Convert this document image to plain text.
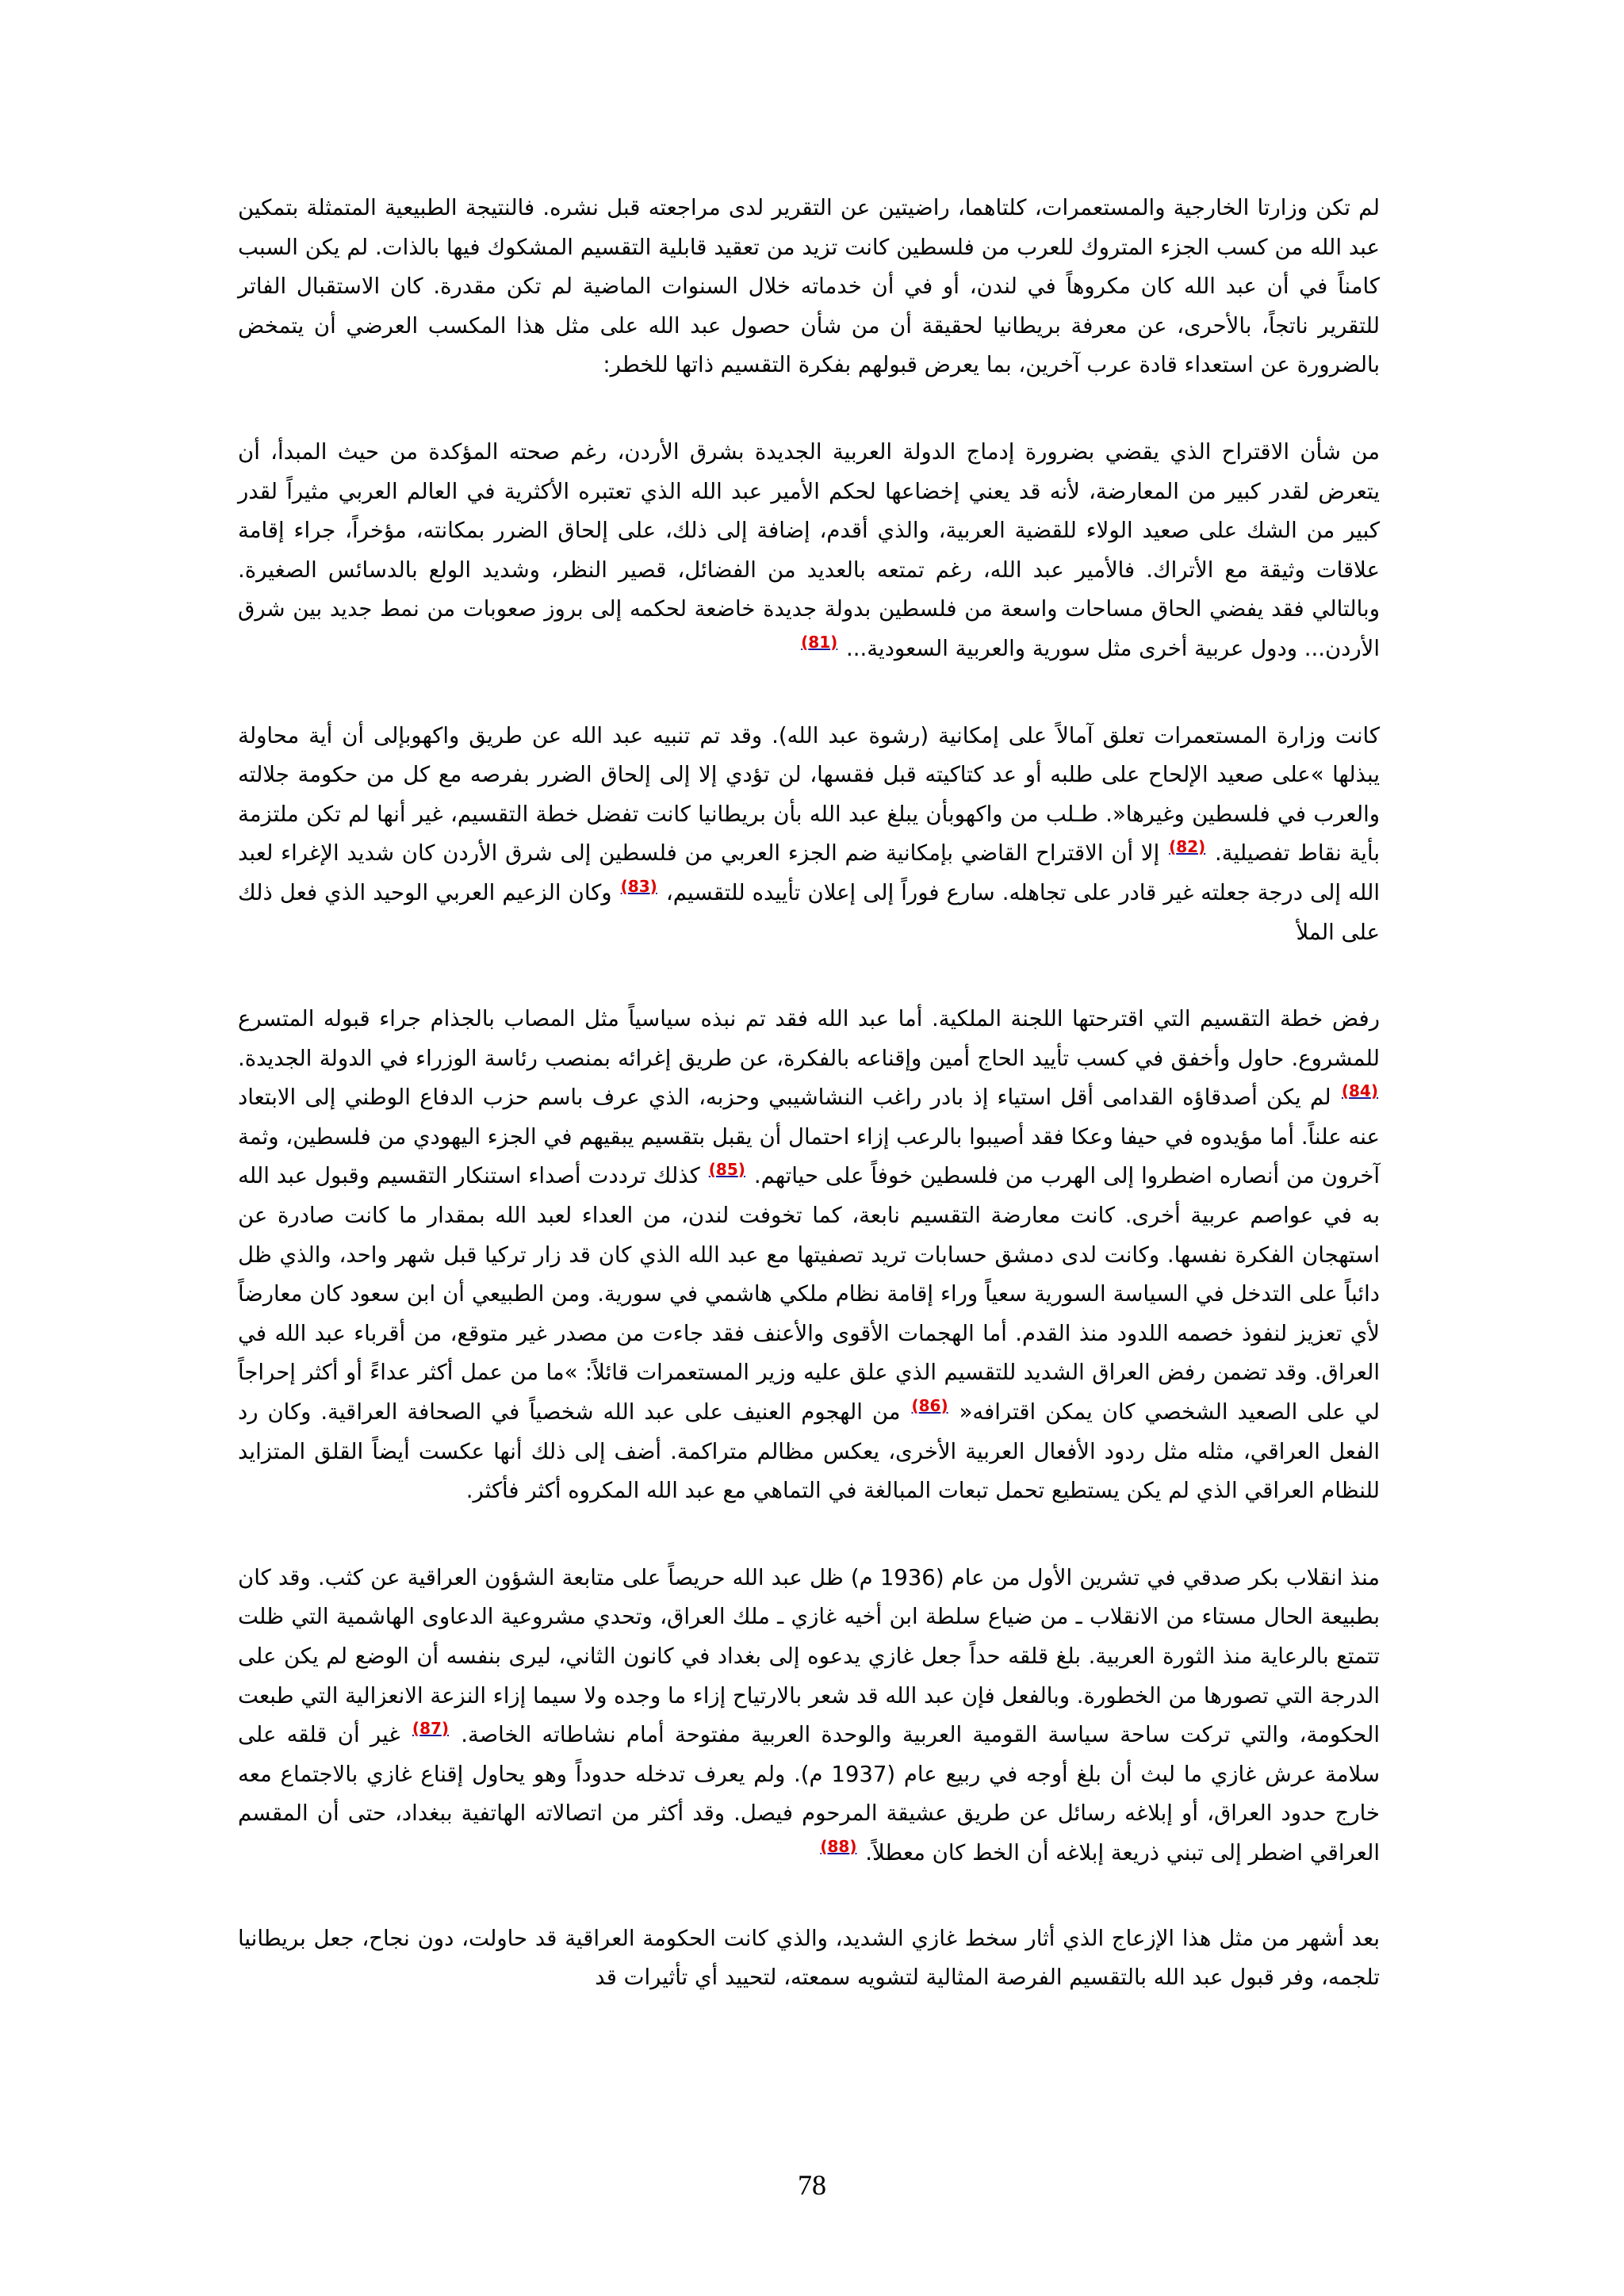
لم تكن وزارتا الخارجية والمستعمرات، كلتاهما، راضيتين عن التقرير لدى مراجعته قبل نشره. فالنتيجة الطبيعية المتمثلة بتمكين عبد الله من كسب الجزء المتروك للعرب من فلسطين كانت تزيد من تعقيد قابلية التقسيم المشكوك فيها بالذات. لم يكن السبب كامناً في أن عبد الله كان مكروهاً في لندن، أو في أن خدماته خلال السنوات الماضية لم تكن مقدرة. كان الاستقبال الفاتر للتقرير ناتجاً، بالأحرى، عن معرفة بريطانيا لحقيقة أن من شأن حصول عبد الله على مثل هذا المكسب العرضي أن يتمخض بالضرورة عن استعداء قادة عرب آخرين، بما يعرض قبولهم بفكرة التقسيم ذاتها للخطر:

من شأن الاقتراح الذي يقضي بضرورة إدماج الدولة العربية الجديدة بشرق الأردن، رغم صحته المؤكدة من حيث المبدأ، أن يتعرض لقدر كبير من المعارضة، لأنه قد يعني إخضاعها لحكم الأمير عبد الله الذي تعتبره الأكثرية في العالم العربي مثيراً لقدر كبير من الشك على صعيد الولاء للقضية العربية، والذي أقدم، إضافة إلى ذلك، على إلحاق الضرر بمكانته، مؤخراً، جراء إقامة علاقات وثيقة مع الأتراك. فالأمير عبد الله، رغم تمتعه بالعديد من الفضائل، قصير النظر، وشديد الولع بالدسائس الصغيرة. وبالتالي فقد يفضي الحاق مساحات واسعة من فلسطين بدولة جديدة خاضعة لحكمه إلى بروز صعوبات من نمط جديد بين شرق الأردن... ودول عربية أخرى مثل سورية والعربية السعودية... $^{(81)}$

كانت وزارة المستعمرات تعلق آمالاً على إمكانية (رشوة عبد الله). وقد تم تنبيه عبد الله عن طريق واكهوبإلى أن أية محاولة يبذلها »على صعيد الإلحاح على طلبه أو عد كتاكيته قبل فقسها، لن تؤدي إلا إلى إلحاق الضرر بفرصه مع كل من حكومة جلالته والعرب في فلسطين وغيرها«. طـلب من واكهوبأن يبلغ عبد الله بأن بريطانيا كانت تفضل خطة التقسيم، غير أنها لم تكن ملتزمة بأية نقاط تفصيلية. $^{(82)}$ إلا أن الاقتراح القاضي بإمكانية ضم الجزء العربي من فلسطين إلى شرق الأردن كان شديد الإغراء لعبد الله إلى درجة جعلته غير قادر على تجاهله. سارع فوراً إلى إعلان تأييده للتقسيم، $^{(83)}$ وكان الزعيم العربي الوحيد الذي فعل ذلك على الملأ

رفض خطة التقسيم التي اقترحتها اللجنة الملكية. أما عبد الله فقد تم نبذه سياسياً مثل المصاب بالجذام جراء قبوله المتسرع للمشروع. حاول وأخفق في كسب تأييد الحاج أمين وإقناعه بالفكرة، عن طريق إغرائه بمنصب رئاسة الوزراء في الدولة الجديدة. $^{(84)}$ لم يكن أصدقاؤه القدامى أقل استياء إذ بادر راغب النشاشيبي وحزبه، الذي عرف باسم حزب الدفاع الوطني إلى الابتعاد عنه علناً. أما مؤيدوه في حيفا وعكا فقد أصيبوا بالرعب إزاء احتمال أن يقبل بتقسيم يبقيهم في الجزء اليهودي من فلسطين، وثمة آخرون من أنصاره اضطروا إلى الهرب من فلسطين خوفاً على حياتهم. $^{(85)}$ كذلك ترددت أصداء استنكار التقسيم وقبول عبد الله به في عواصم عربية أخرى. كانت معارضة التقسيم نابعة، كما تخوفت لندن، من العداء لعبد الله بمقدار ما كانت صادرة عن استهجان الفكرة نفسها. وكانت لدى دمشق حسابات تريد تصفيتها مع عبد الله الذي كان قد زار تركيا قبل شهر واحد، والذي ظل دائباً على التدخل في السياسة السورية سعياً وراء إقامة نظام ملكي هاشمي في سورية. ومن الطبيعي أن ابن سعود كان معارضاً لأي تعزيز لنفوذ خصمه اللدود منذ القدم. أما الهجمات الأقوى والأعنف فقد جاءت من مصدر غير متوقع، من أقرباء عبد الله في العراق. وقد تضمن رفض العراق الشديد للتقسيم الذي علق عليه وزير المستعمرات قائلاً: »ما من عمل أكثر عداءً أو أكثر إحراجاً لي على الصعيد الشخصي كان يمكن اقترافه« $^{(86)}$ من الهجوم العنيف على عبد الله شخصياً في الصحافة العراقية. وكان رد الفعل العراقي، مثله مثل ردود الأفعال العربية الأخرى، يعكس مظالم متراكمة. أضف إلى ذلك أنها عكست أيضاً القلق المتزايد للنظام العراقي الذي لم يكن يستطيع تحمل تبعات المبالغة في التماهي مع عبد الله المكروه أكثر فأكثر.

منذ انقلاب بكر صدقي في تشرين الأول من عام (1936 م) ظل عبد الله حريصاً على متابعة الشؤون العراقية عن كثب. وقد كان بطبيعة الحال مستاء من الانقلاب ـ من ضياع سلطة ابن أخيه غازي ـ ملك العراق، وتحدي مشروعية الدعاوى الهاشمية التي ظلت تتمتع بالرعاية منذ الثورة العربية. بلغ قلقه حداً جعل غازي يدعوه إلى بغداد في كانون الثاني، ليرى بنفسه أن الوضع لم يكن على الدرجة التي تصورها من الخطورة. وبالفعل فإن عبد الله قد شعر بالارتياح إزاء ما وجده ولا سيما إزاء النزعة الانعزالية التي طبعت الحكومة، والتي تركت ساحة سياسة القومية العربية والوحدة العربية مفتوحة أمام نشاطاته الخاصة. $^{(87)}$ غير أن قلقه على سلامة عرش غازي ما لبث أن بلغ أوجه في ربيع عام (1937 م). ولم يعرف تدخله حدوداً وهو يحاول إقناع غازي بالاجتماع معه خارج حدود العراق، أو إبلاغه رسائل عن طريق عشيقة المرحوم فيصل. وقد أكثر من اتصالاته الهاتفية ببغداد، حتى أن المقسم العراقي اضطر إلى تبني ذريعة إبلاغه أن الخط كان معطلاً. $^{(88)}$

بعد أشهر من مثل هذا الإزعاج الذي أثار سخط غازي الشديد، والذي كانت الحكومة العراقية قد حاولت، دون نجاح، جعل بريطانيا تلجمه، وفر قبول عبد الله بالتقسيم الفرصة المثالية لتشويه سمعته، لتحييد أي تأثيرات قد

78
